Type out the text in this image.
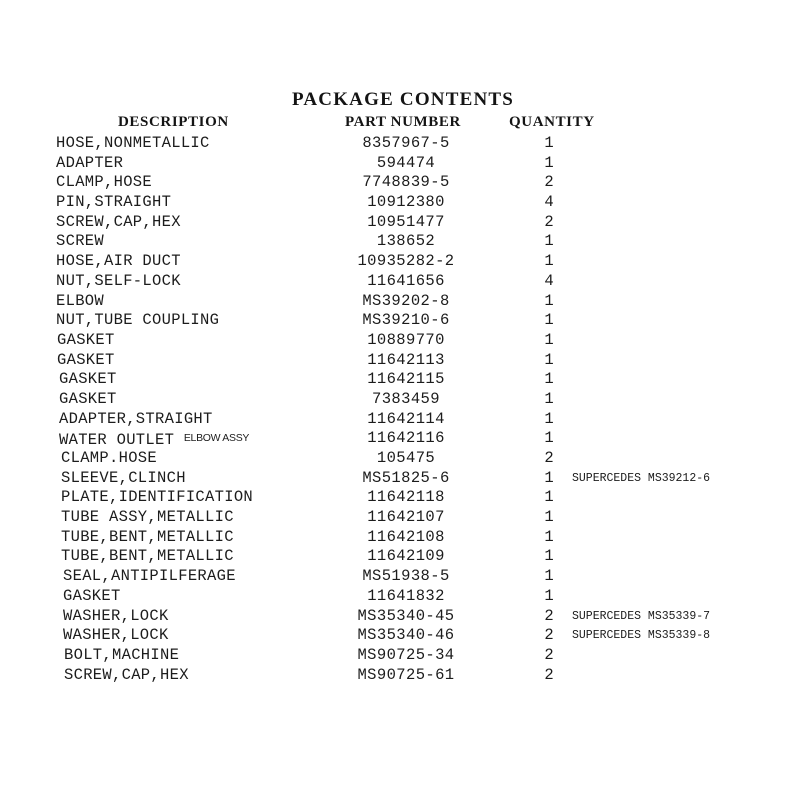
PACKAGE CONTENTS
DESCRIPTION	PART NUMBER	QUANTITY
HOSE,NONMETALLIC	8357967-5	1
ADAPTER	594474	1
CLAMP,HOSE	7748839-5	2
PIN,STRAIGHT	10912380	4
SCREW,CAP,HEX	10951477	2
SCREW	138652	1
HOSE,AIR DUCT	10935282-2	1
NUT,SELF-LOCK	11641656	4
ELBOW	MS39202-8	1
NUT,TUBE COUPLING	MS39210-6	1
GASKET	10889770	1
GASKET	11642113	1
GASKET	11642115	1
GASKET	7383459	1
ADAPTER,STRAIGHT	11642114	1
WATER OUTLET ELBOW ASSY	11642116	1
CLAMP.HOSE	105475	2
SLEEVE,CLINCH	MS51825-6	1 SUPERCEDES MS39212-6
PLATE,IDENTIFICATION	11642118	1
TUBE ASSY,METALLIC	11642107	1
TUBE,BENT,METALLIC	11642108	1
TUBE,BENT,METALLIC	11642109	1
SEAL,ANTIPILFERAGE	MS51938-5	1
GASKET	11641832	1
WASHER,LOCK	MS35340-45	2 SUPERCEDES MS35339-7
WASHER,LOCK	MS35340-46	2 SUPERCEDES MS35339-8
BOLT,MACHINE	MS90725-34	2
SCREW,CAP,HEX	MS90725-61	2
